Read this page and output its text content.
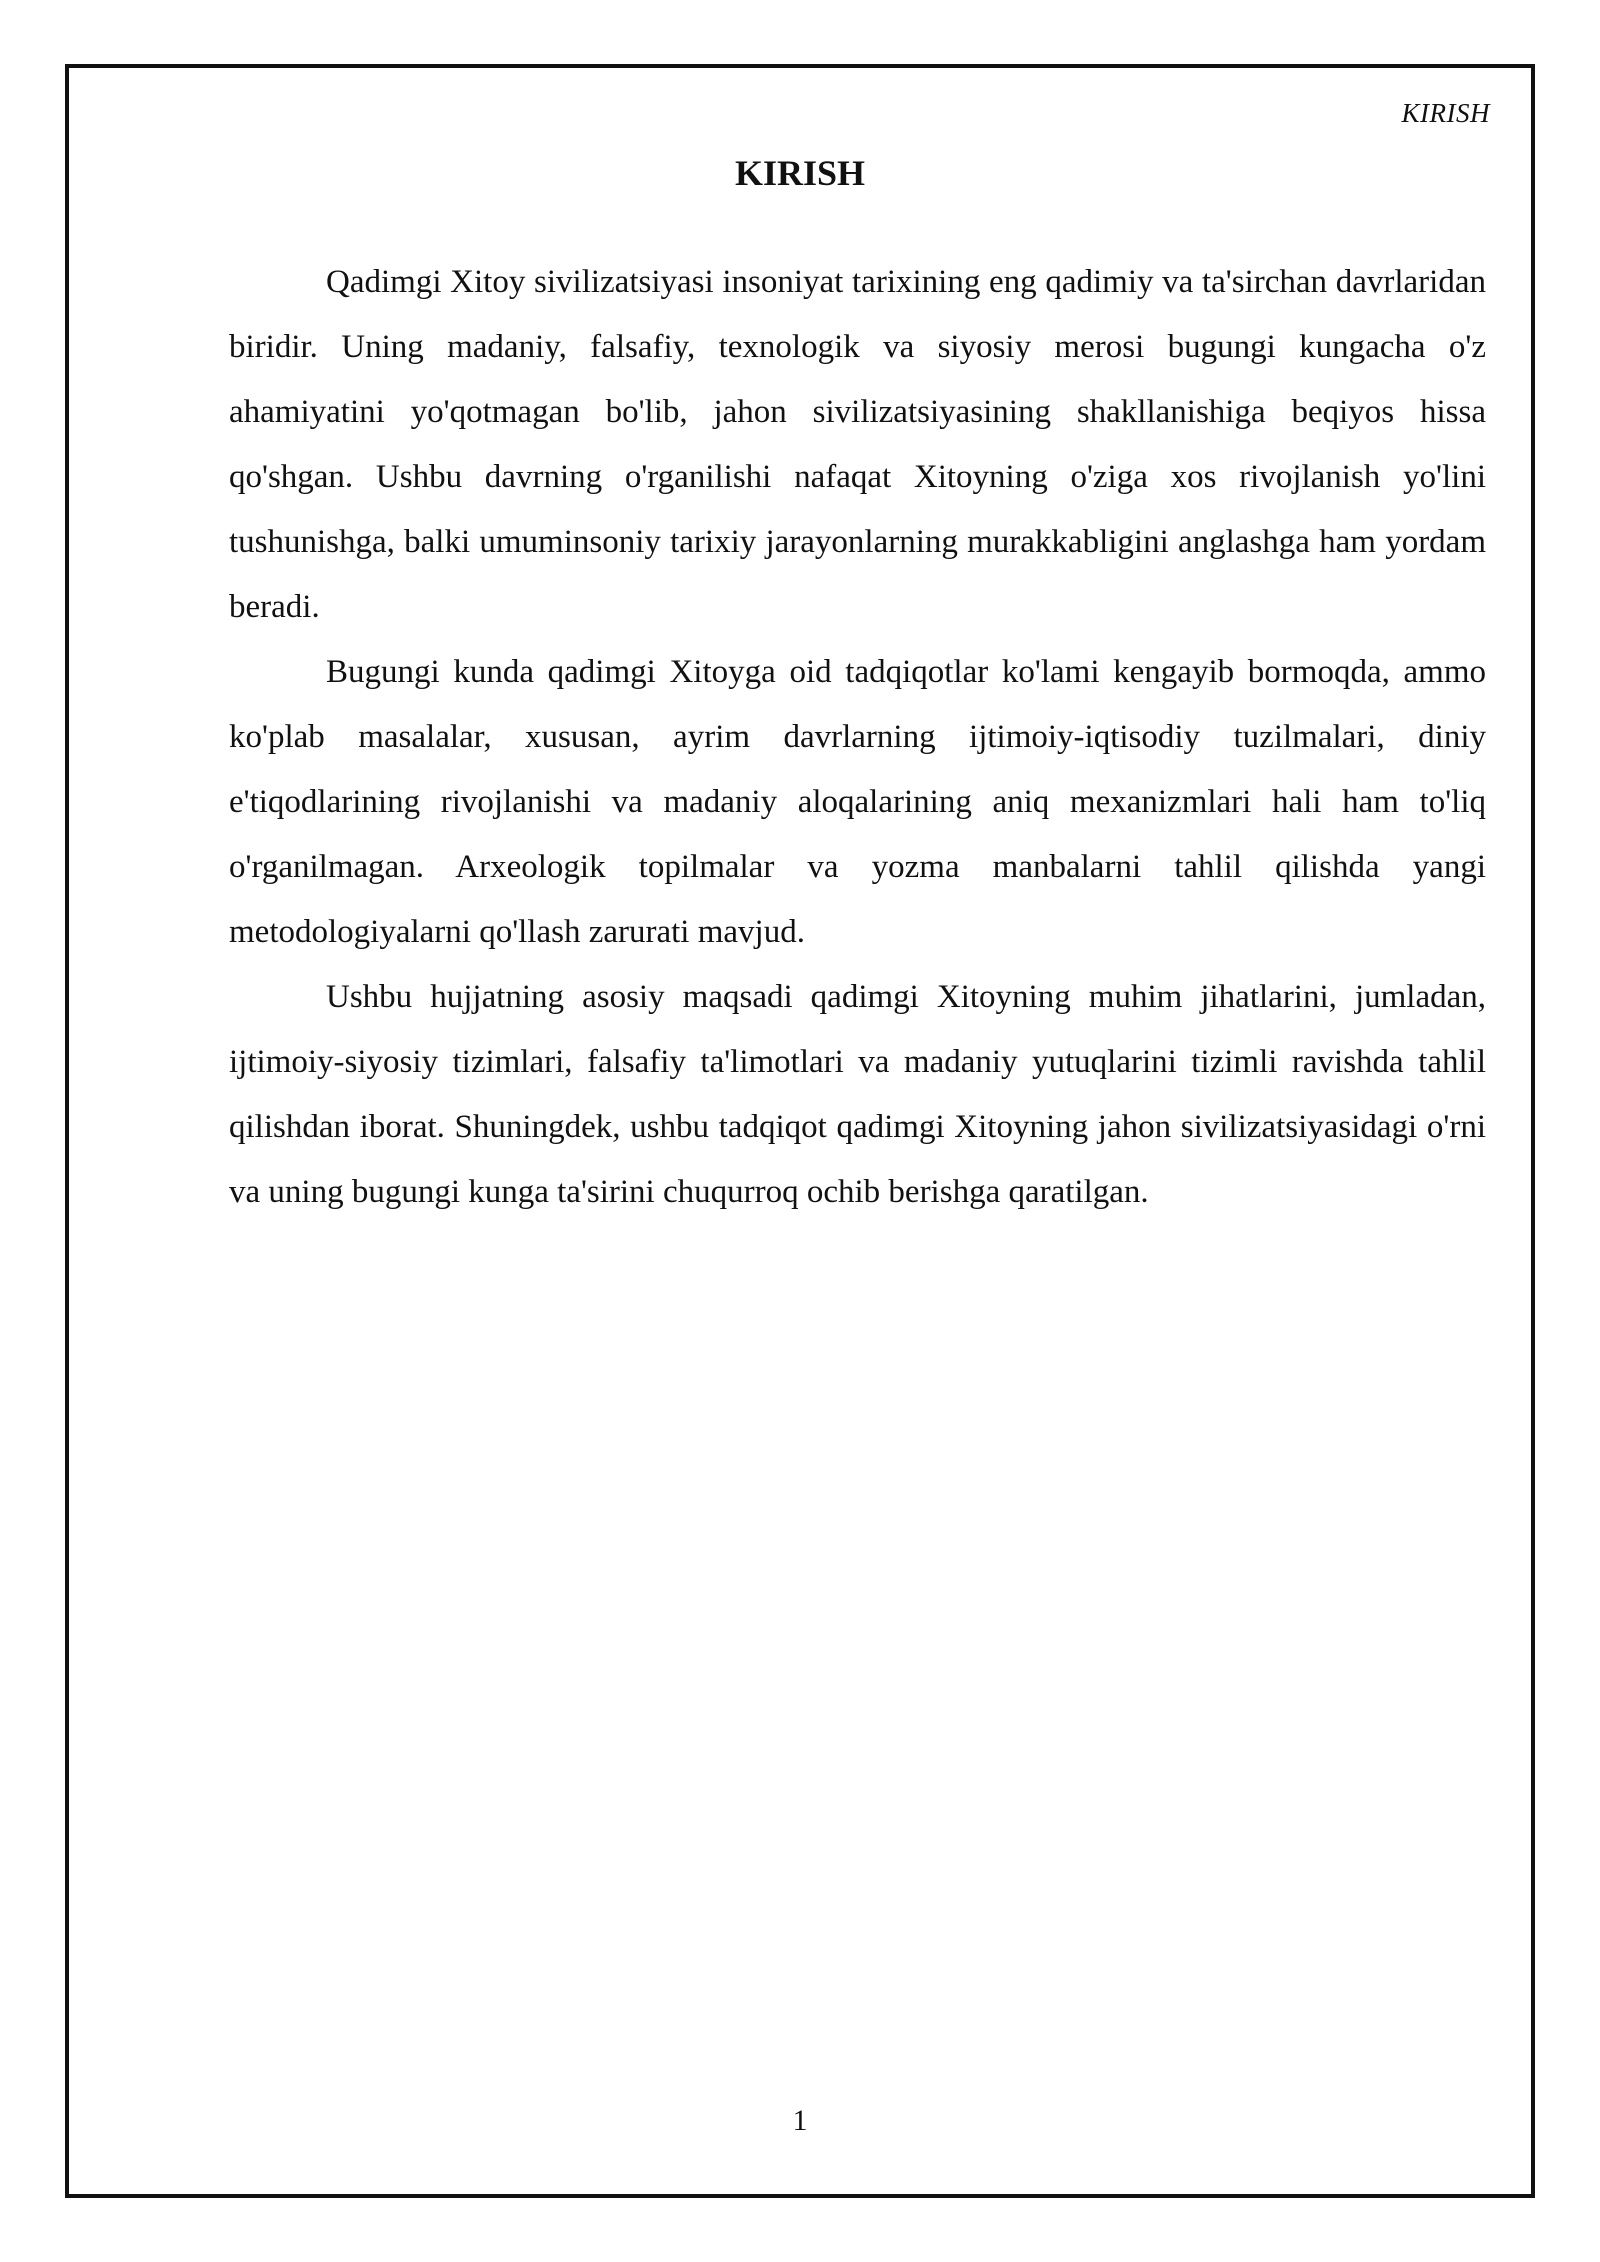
KIRISH
KIRISH

Qadimgi Xitoy sivilizatsiyasi insoniyat tarixining eng qadimiy va ta'sirchan davrlaridan biridir. Uning madaniy, falsafiy, texnologik va siyosiy merosi bugungi kungacha o'z ahamiyatini yo'qotmagan bo'lib, jahon sivilizatsiyasining shakllanishiga beqiyos hissa qo'shgan. Ushbu davrning o'rganilishi nafaqat Xitoyning o'ziga xos rivojlanish yo'lini tushunishga, balki umuminsoniy tarixiy jarayonlarning murakkabligini anglashga ham yordam beradi.

Bugungi kunda qadimgi Xitoyga oid tadqiqotlar ko'lami kengayib bormoqda, ammo ko'plab masalalar, xususan, ayrim davrlarning ijtimoiy-iqtisodiy tuzilmalari, diniy e'tiqodlarining rivojlanishi va madaniy aloqalarining aniq mexanizmlari hali ham to'liq o'rganilmagan. Arxeologik topilmalar va yozma manbalarni tahlil qilishda yangi metodologiyalarni qo'llash zarurati mavjud.

Ushbu hujjatning asosiy maqsadi qadimgi Xitoyning muhim jihatlarini, jumladan, ijtimoiy-siyosiy tizimlari, falsafiy ta'limotlari va madaniy yutuqlarini tizimli ravishda tahlil qilishdan iborat. Shuningdek, ushbu tadqiqot qadimgi Xitoyning jahon sivilizatsiyasidagi o'rni va uning bugungi kunga ta'sirini chuqurroq ochib berishga qaratilgan.

1
